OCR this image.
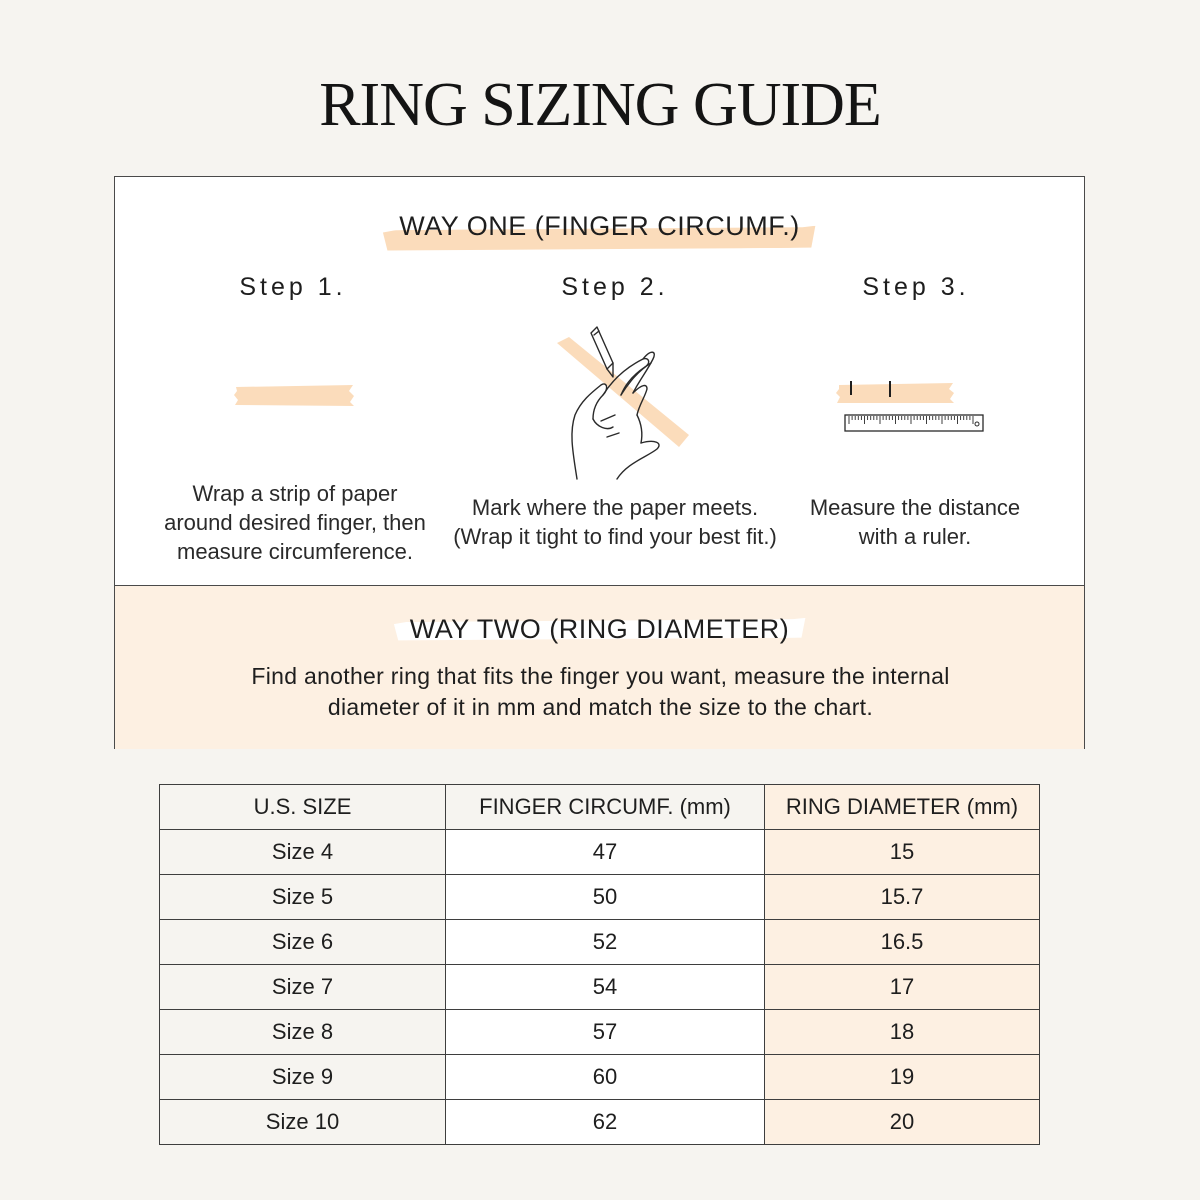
RING SIZING GUIDE
WAY ONE (FINGER CIRCUMF.)
Step 1.
Wrap a strip of paper
around desired finger, then
measure circumference.
Step 2.
Mark where the paper meets.
(Wrap it tight to find your best fit.)
Step 3.
Measure the distance
with a ruler.
WAY TWO (RING DIAMETER)
Find another ring that fits the finger you want, measure the internal
diameter of it in mm and match the size to the chart.
U.S. SIZE	FINGER CIRCUMF. (mm)	RING DIAMETER (mm)
Size 4	47	15
Size 5	50	15.7
Size 6	52	16.5
Size 7	54	17
Size 8	57	18
Size 9	60	19
Size 10	62	20
